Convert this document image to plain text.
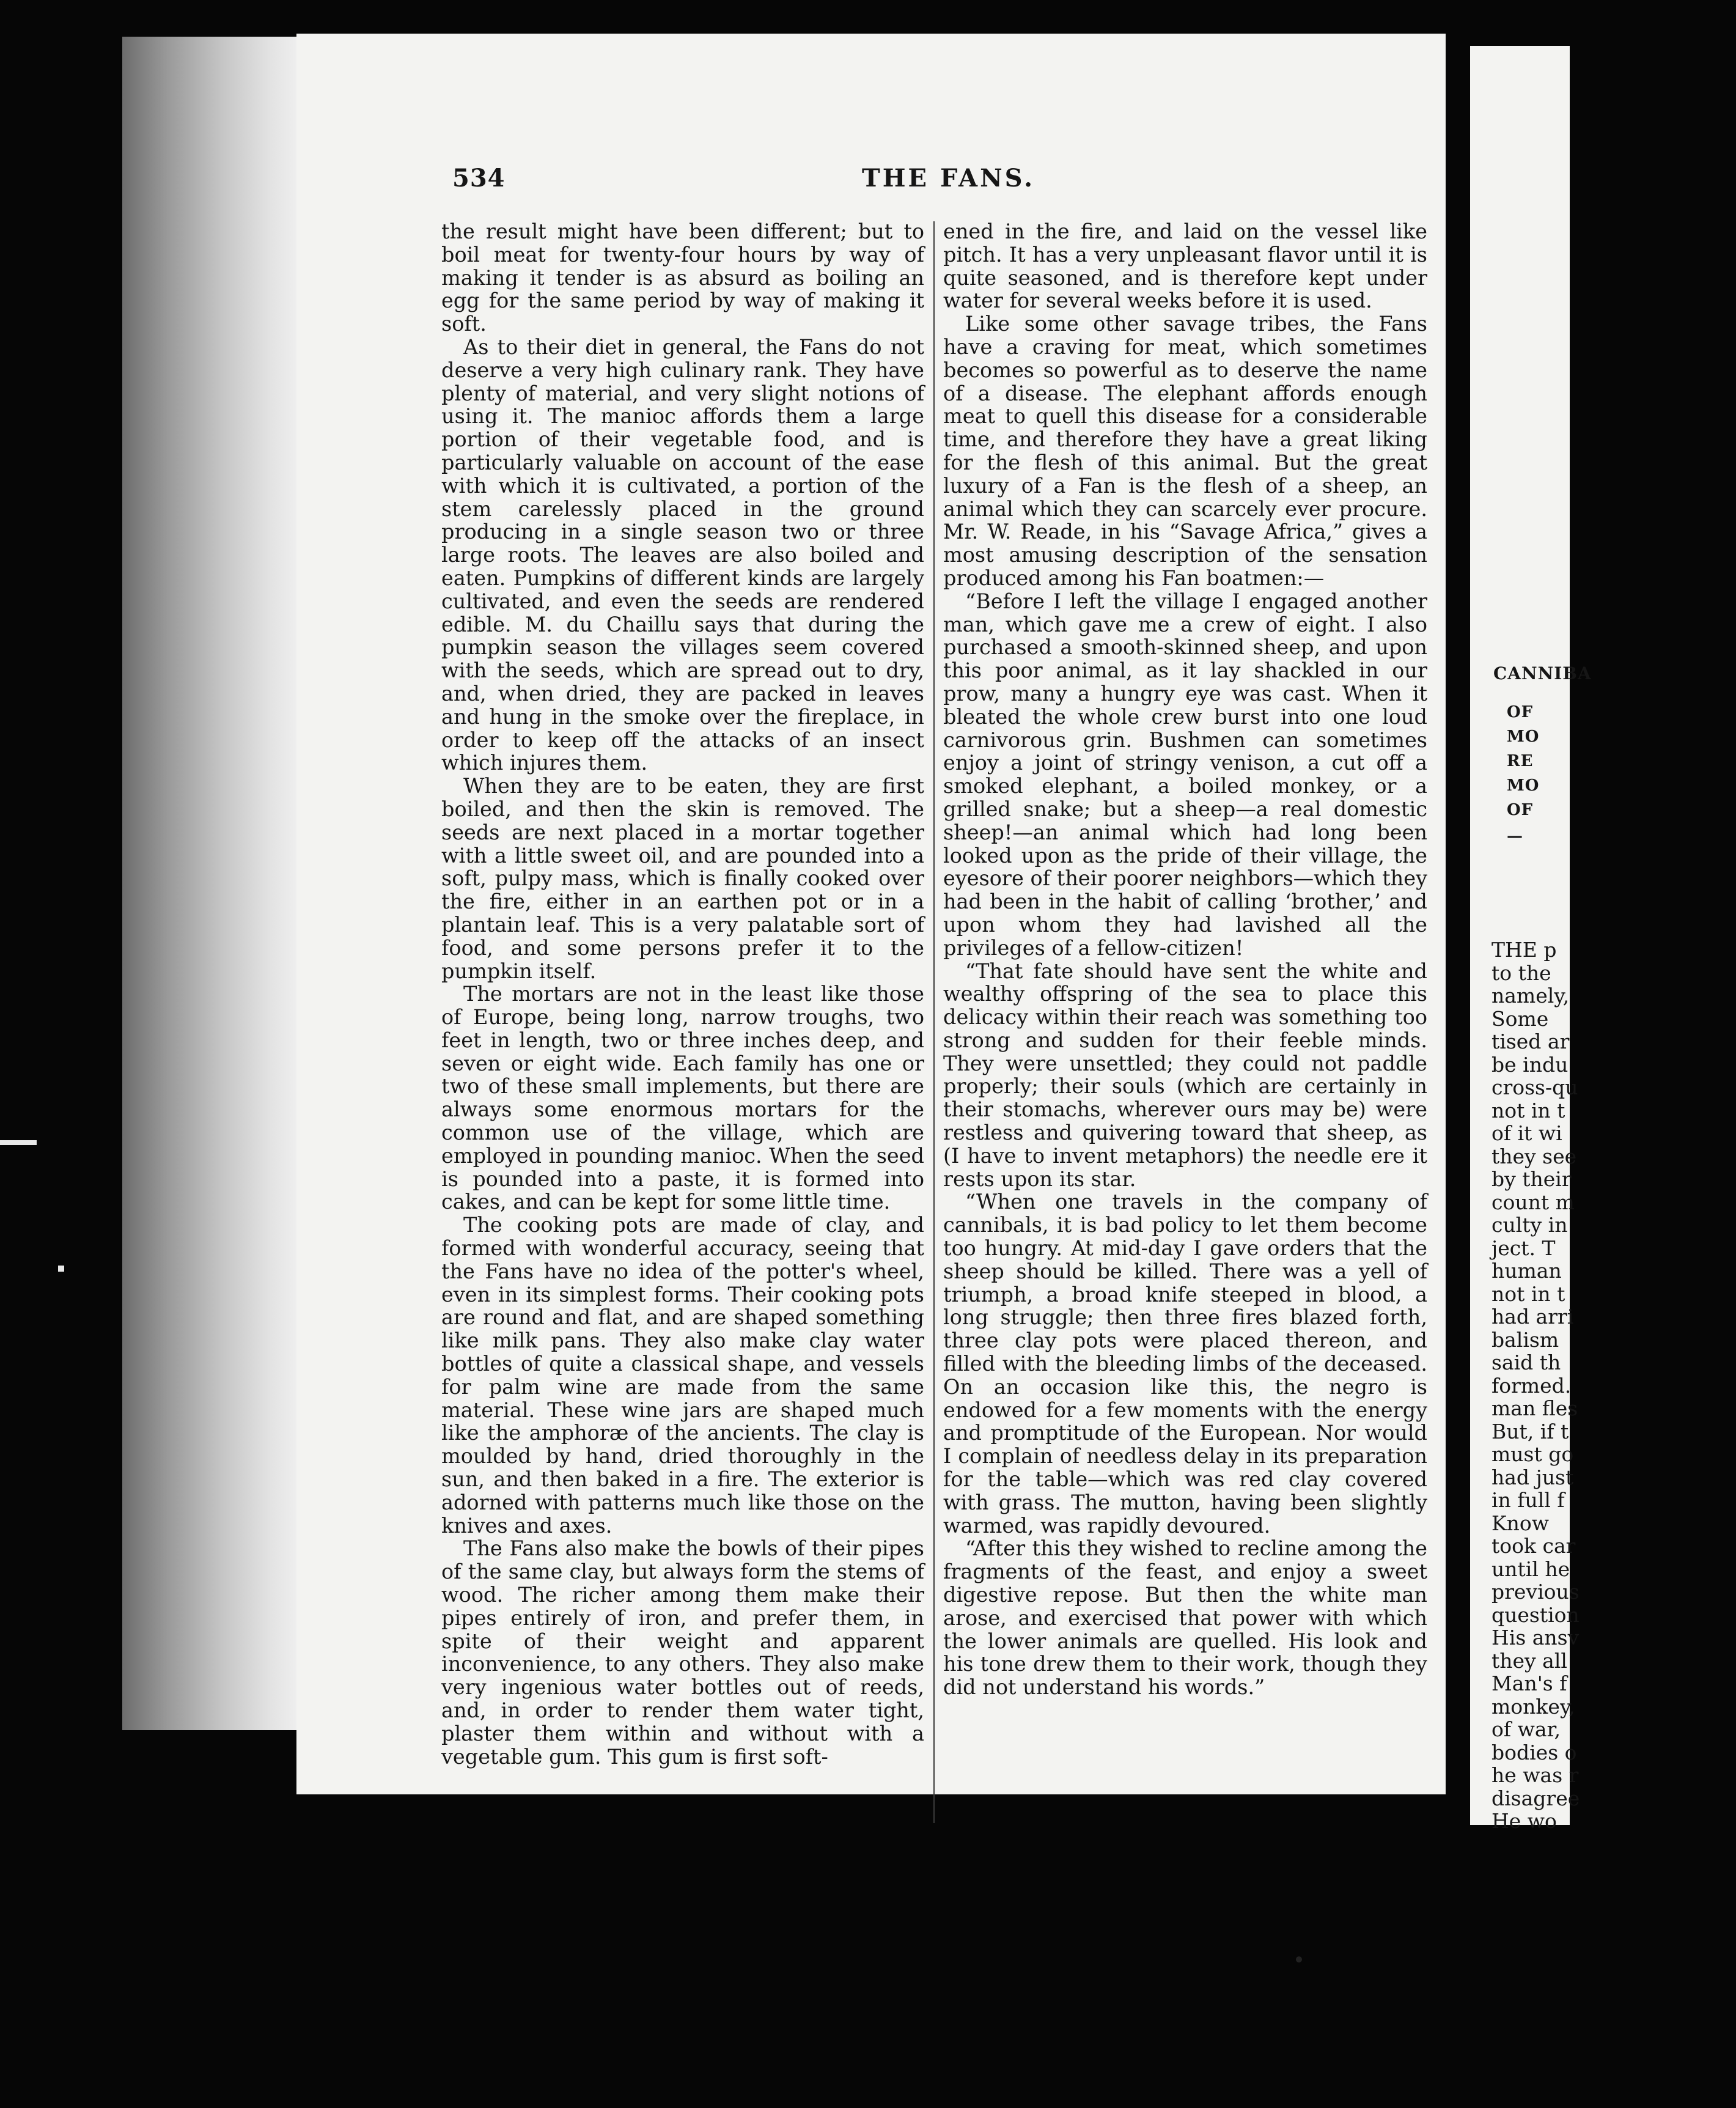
CANNIBA
OF
MO
RE
MO
OF
—
THE p
to the
namely,
Some
tised ar
be indu
cross-qu
not in t
of it wi
they see
by their
count m
culty in
ject. T
human
not in t
had arri
balism
said th
formed.
man fles
But, if t
must go
had just
in full f
Know
took car
until he
previous
question
His ansv
they all
Man's f
monkey,
of war,
bodies o
he was r
disagree
He wo
534	THE FANS.

the result might have been different; but to boil meat for twenty-four hours by way of making it tender is as absurd as boiling an egg for the same period by way of making it soft.

As to their diet in general, the Fans do not deserve a very high culinary rank. They have plenty of material, and very slight notions of using it. The manioc affords them a large portion of their vegetable food, and is particularly valuable on account of the ease with which it is cultivated, a portion of the stem carelessly placed in the ground producing in a single season two or three large roots. The leaves are also boiled and eaten. Pumpkins of different kinds are largely cultivated, and even the seeds are rendered edible. M. du Chaillu says that during the pumpkin season the villages seem covered with the seeds, which are spread out to dry, and, when dried, they are packed in leaves and hung in the smoke over the fireplace, in order to keep off the attacks of an insect which injures them.

When they are to be eaten, they are first boiled, and then the skin is removed. The seeds are next placed in a mortar together with a little sweet oil, and are pounded into a soft, pulpy mass, which is finally cooked over the fire, either in an earthen pot or in a plantain leaf. This is a very palatable sort of food, and some persons prefer it to the pumpkin itself.

The mortars are not in the least like those of Europe, being long, narrow troughs, two feet in length, two or three inches deep, and seven or eight wide. Each family has one or two of these small implements, but there are always some enormous mortars for the common use of the village, which are employed in pounding manioc. When the seed is pounded into a paste, it is formed into cakes, and can be kept for some little time.

The cooking pots are made of clay, and formed with wonderful accuracy, seeing that the Fans have no idea of the potter's wheel, even in its simplest forms. Their cooking pots are round and flat, and are shaped something like milk pans. They also make clay water bottles of quite a classical shape, and vessels for palm wine are made from the same material. These wine jars are shaped much like the amphoræ of the ancients. The clay is moulded by hand, dried thoroughly in the sun, and then baked in a fire. The exterior is adorned with patterns much like those on the knives and axes.

The Fans also make the bowls of their pipes of the same clay, but always form the stems of wood. The richer among them make their pipes entirely of iron, and prefer them, in spite of their weight and apparent inconvenience, to any others. They also make very ingenious water bottles out of reeds, and, in order to render them water tight, plaster them within and without with a vegetable gum. This gum is first soft-

ened in the fire, and laid on the vessel like pitch. It has a very unpleasant flavor until it is quite seasoned, and is therefore kept under water for several weeks before it is used.

Like some other savage tribes, the Fans have a craving for meat, which sometimes becomes so powerful as to deserve the name of a disease. The elephant affords enough meat to quell this disease for a considerable time, and therefore they have a great liking for the flesh of this animal. But the great luxury of a Fan is the flesh of a sheep, an animal which they can scarcely ever procure. Mr. W. Reade, in his “Savage Africa,” gives a most amusing description of the sensation produced among his Fan boatmen:—

“Before I left the village I engaged another man, which gave me a crew of eight. I also purchased a smooth-skinned sheep, and upon this poor animal, as it lay shackled in our prow, many a hungry eye was cast. When it bleated the whole crew burst into one loud carnivorous grin. Bushmen can sometimes enjoy a joint of stringy venison, a cut off a smoked elephant, a boiled monkey, or a grilled snake; but a sheep—a real domestic sheep!—an animal which had long been looked upon as the pride of their village, the eyesore of their poorer neighbors—which they had been in the habit of calling ‘brother,’ and upon whom they had lavished all the privileges of a fellow-citizen!

“That fate should have sent the white and wealthy offspring of the sea to place this delicacy within their reach was something too strong and sudden for their feeble minds. They were unsettled; they could not paddle properly; their souls (which are certainly in their stomachs, wherever ours may be) were restless and quivering toward that sheep, as (I have to invent metaphors) the needle ere it rests upon its star.

“When one travels in the company of cannibals, it is bad policy to let them become too hungry. At mid-day I gave orders that the sheep should be killed. There was a yell of triumph, a broad knife steeped in blood, a long struggle; then three fires blazed forth, three clay pots were placed thereon, and filled with the bleeding limbs of the deceased. On an occasion like this, the negro is endowed for a few moments with the energy and promptitude of the European. Nor would I complain of needless delay in its preparation for the table—which was red clay covered with grass. The mutton, having been slightly warmed, was rapidly devoured.

“After this they wished to recline among the fragments of the feast, and enjoy a sweet digestive repose. But then the white man arose, and exercised that power with which the lower animals are quelled. His look and his tone drew them to their work, though they did not understand his words.”
